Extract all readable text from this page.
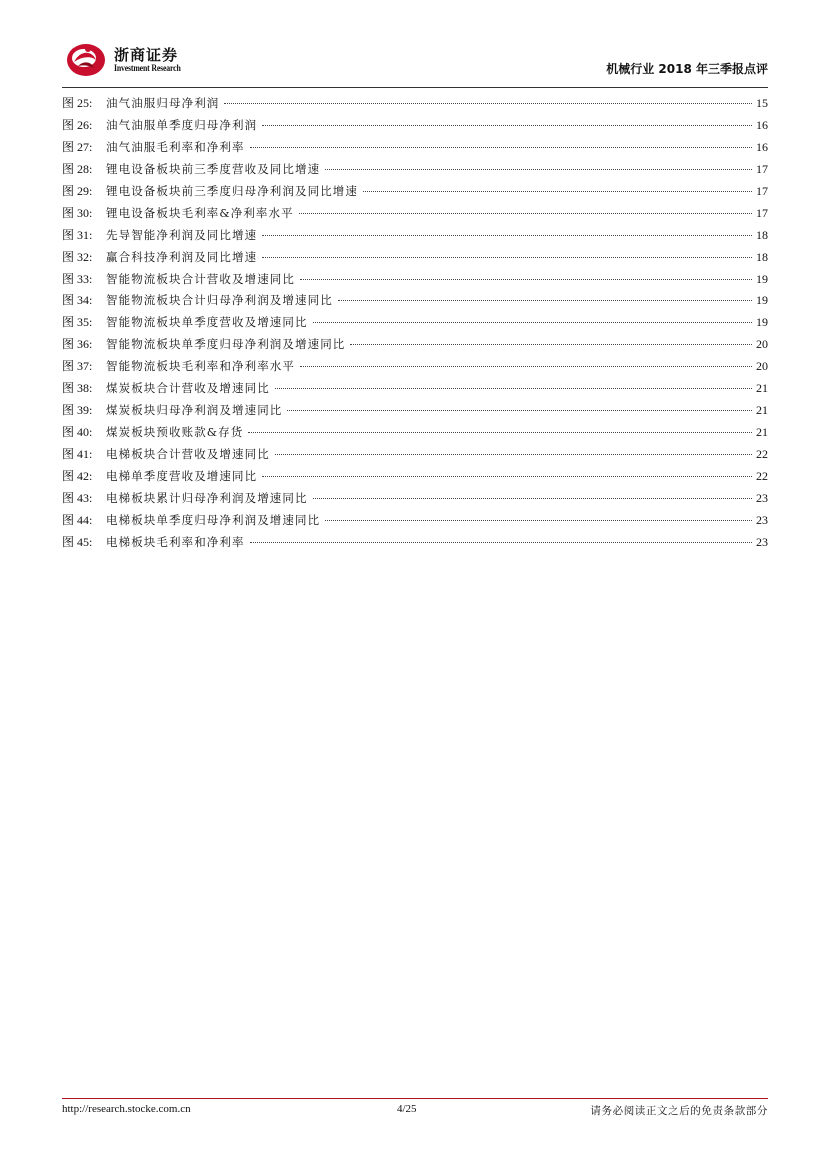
浙商证券
Investment Research	机械行业 2018 年三季报点评
图 25:	油气油服归母净利润	15
图 26:	油气油服单季度归母净利润	16
图 27:	油气油服毛利率和净利率	16
图 28:	锂电设备板块前三季度营收及同比增速	17
图 29:	锂电设备板块前三季度归母净利润及同比增速	17
图 30:	锂电设备板块毛利率&净利率水平	17
图 31:	先导智能净利润及同比增速	18
图 32:	赢合科技净利润及同比增速	18
图 33:	智能物流板块合计营收及增速同比	19
图 34:	智能物流板块合计归母净利润及增速同比	19
图 35:	智能物流板块单季度营收及增速同比	19
图 36:	智能物流板块单季度归母净利润及增速同比	20
图 37:	智能物流板块毛利率和净利率水平	20
图 38:	煤炭板块合计营收及增速同比	21
图 39:	煤炭板块归母净利润及增速同比	21
图 40:	煤炭板块预收账款&存货	21
图 41:	电梯板块合计营收及增速同比	22
图 42:	电梯单季度营收及增速同比	22
图 43:	电梯板块累计归母净利润及增速同比	23
图 44:	电梯板块单季度归母净利润及增速同比	23
图 45:	电梯板块毛利率和净利率	23
http://research.stocke.com.cn	4/25	请务必阅读正文之后的免责条款部分
